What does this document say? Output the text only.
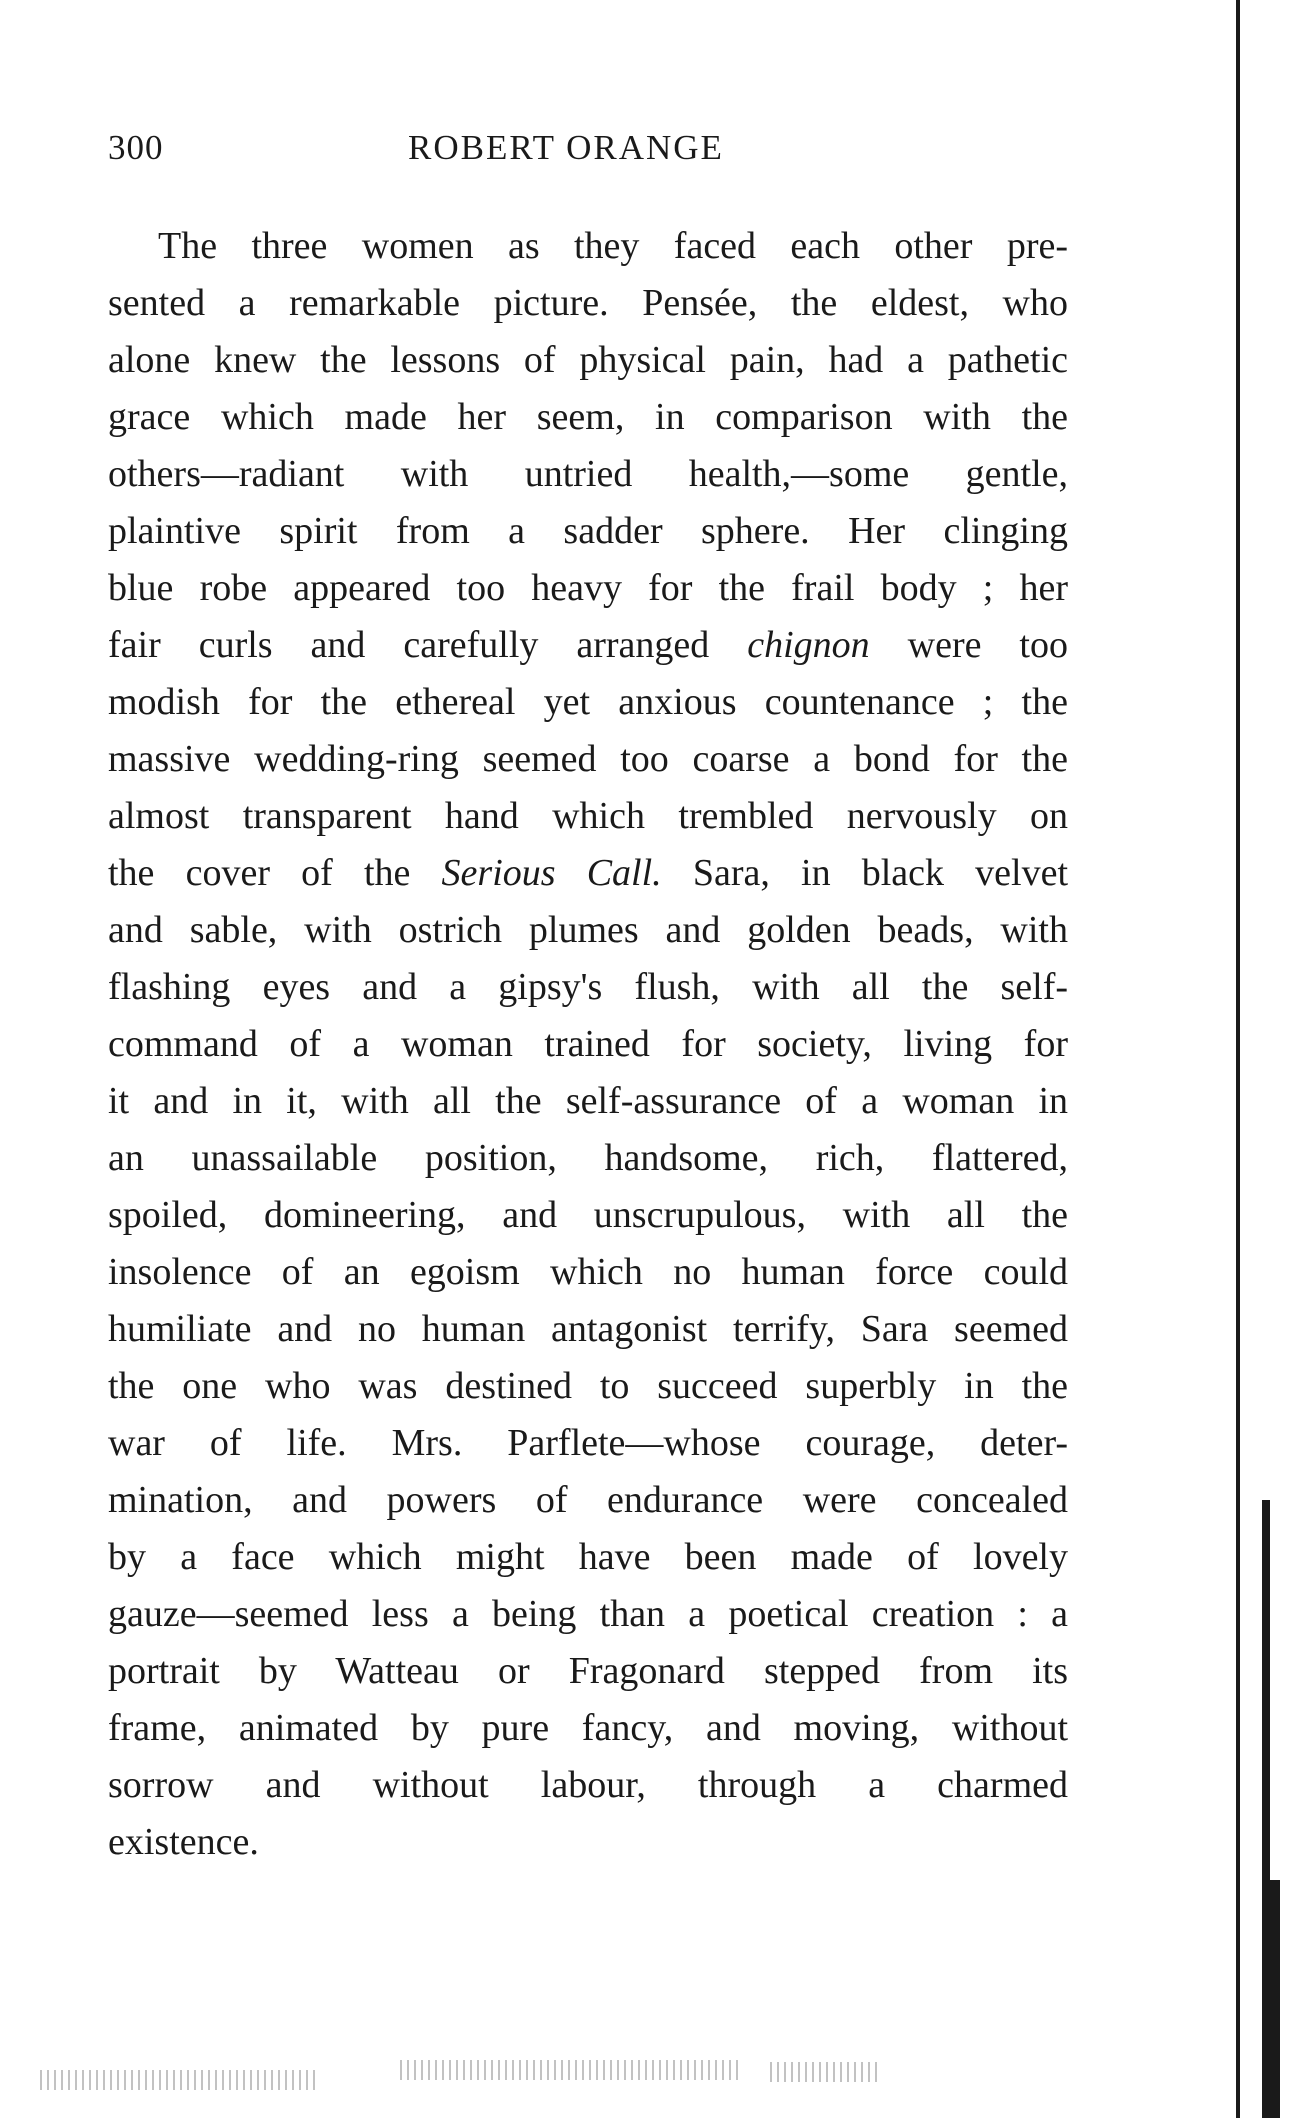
300	ROBERT ORANGE
The three women as they faced each other pre-
sented a remarkable picture. Pensée, the eldest, who
alone knew the lessons of physical pain, had a pathetic
grace which made her seem, in comparison with the
others—radiant with untried health,—some gentle,
plaintive spirit from a sadder sphere. Her clinging
blue robe appeared too heavy for the frail body ; her
fair curls and carefully arranged chignon were too
modish for the ethereal yet anxious countenance ; the
massive wedding-ring seemed too coarse a bond for the
almost transparent hand which trembled nervously on
the cover of the Serious Call. Sara, in black velvet
and sable, with ostrich plumes and golden beads, with
flashing eyes and a gipsy's flush, with all the self-
command of a woman trained for society, living for
it and in it, with all the self-assurance of a woman in
an unassailable position, handsome, rich, flattered,
spoiled, domineering, and unscrupulous, with all the
insolence of an egoism which no human force could
humiliate and no human antagonist terrify, Sara seemed
the one who was destined to succeed superbly in the
war of life. Mrs. Parflete—whose courage, deter-
mination, and powers of endurance were concealed
by a face which might have been made of lovely
gauze—seemed less a being than a poetical creation : a
portrait by Watteau or Fragonard stepped from its
frame, animated by pure fancy, and moving, without
sorrow and without labour, through a charmed
existence.
